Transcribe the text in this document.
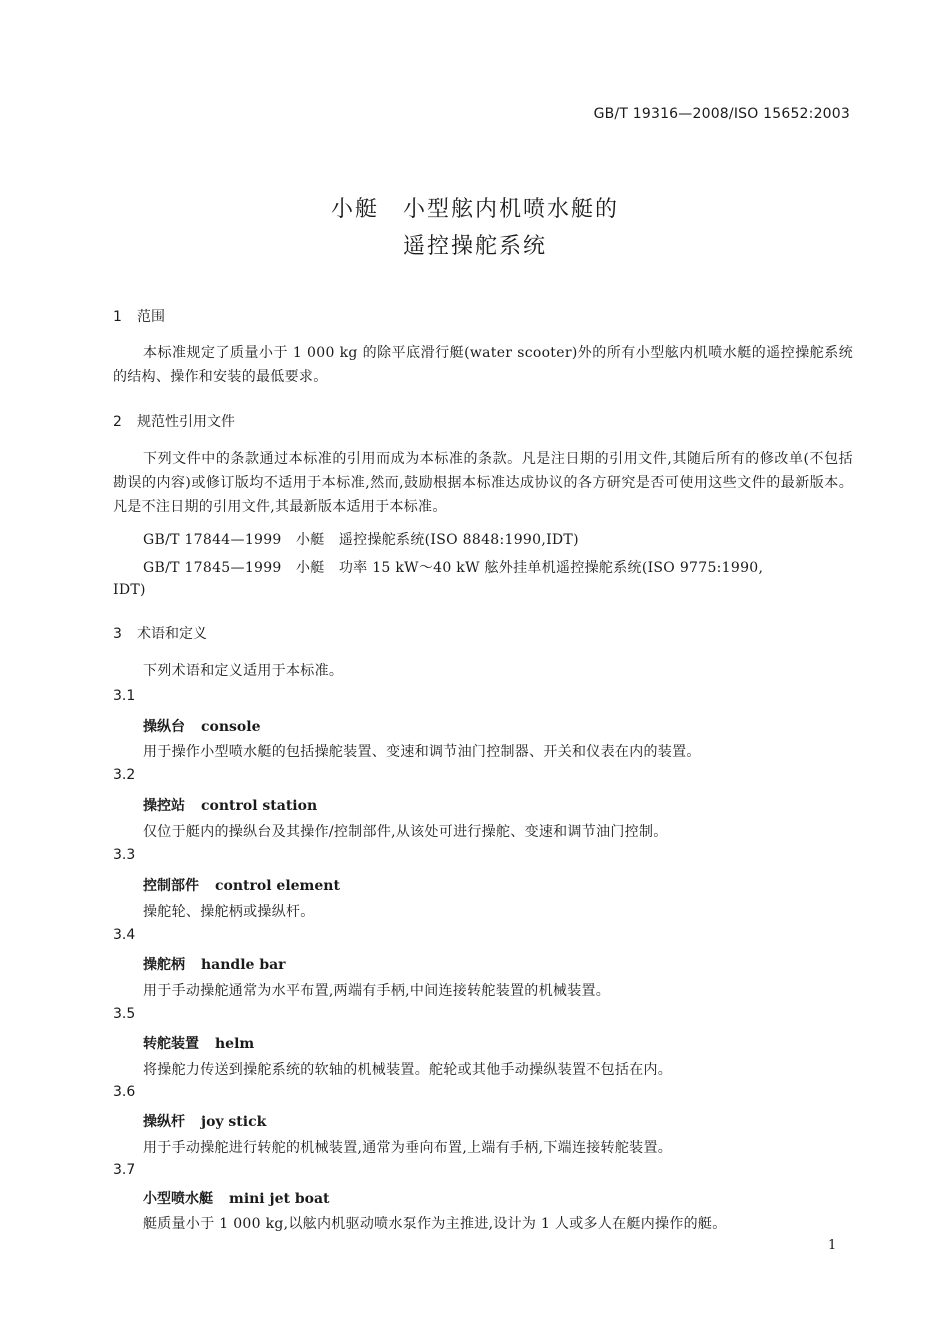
GB/T 19316—2008/ISO 15652:2003
小艇　小型舷内机喷水艇的
遥控操舵系统
1 范围
本标准规定了质量小于 1 000 kg 的除平底滑行艇(water scooter)外的所有小型舷内机喷水艇的遥控操舵系统的结构、操作和安装的最低要求。
2 规范性引用文件
下列文件中的条款通过本标准的引用而成为本标准的条款。凡是注日期的引用文件,其随后所有的修改单(不包括勘误的内容)或修订版均不适用于本标准,然而,鼓励根据本标准达成协议的各方研究是否可使用这些文件的最新版本。凡是不注日期的引用文件,其最新版本适用于本标准。
GB/T 17844—1999　小艇　遥控操舵系统(ISO 8848:1990,IDT)
GB/T 17845—1999　小艇　功率 15 kW～40 kW 舷外挂单机遥控操舵系统(ISO 9775:1990,
IDT)
3 术语和定义
下列术语和定义适用于本标准。
3.1
操纵台 console
用于操作小型喷水艇的包括操舵装置、变速和调节油门控制器、开关和仪表在内的装置。
3.2
操控站 control station
仅位于艇内的操纵台及其操作/控制部件,从该处可进行操舵、变速和调节油门控制。
3.3
控制部件 control element
操舵轮、操舵柄或操纵杆。
3.4
操舵柄 handle bar
用于手动操舵通常为水平布置,两端有手柄,中间连接转舵装置的机械装置。
3.5
转舵装置 helm
将操舵力传送到操舵系统的软轴的机械装置。舵轮或其他手动操纵装置不包括在内。
3.6
操纵杆 joy stick
用于手动操舵进行转舵的机械装置,通常为垂向布置,上端有手柄,下端连接转舵装置。
3.7
小型喷水艇 mini jet boat
艇质量小于 1 000 kg,以舷内机驱动喷水泵作为主推进,设计为 1 人或多人在艇内操作的艇。
1
